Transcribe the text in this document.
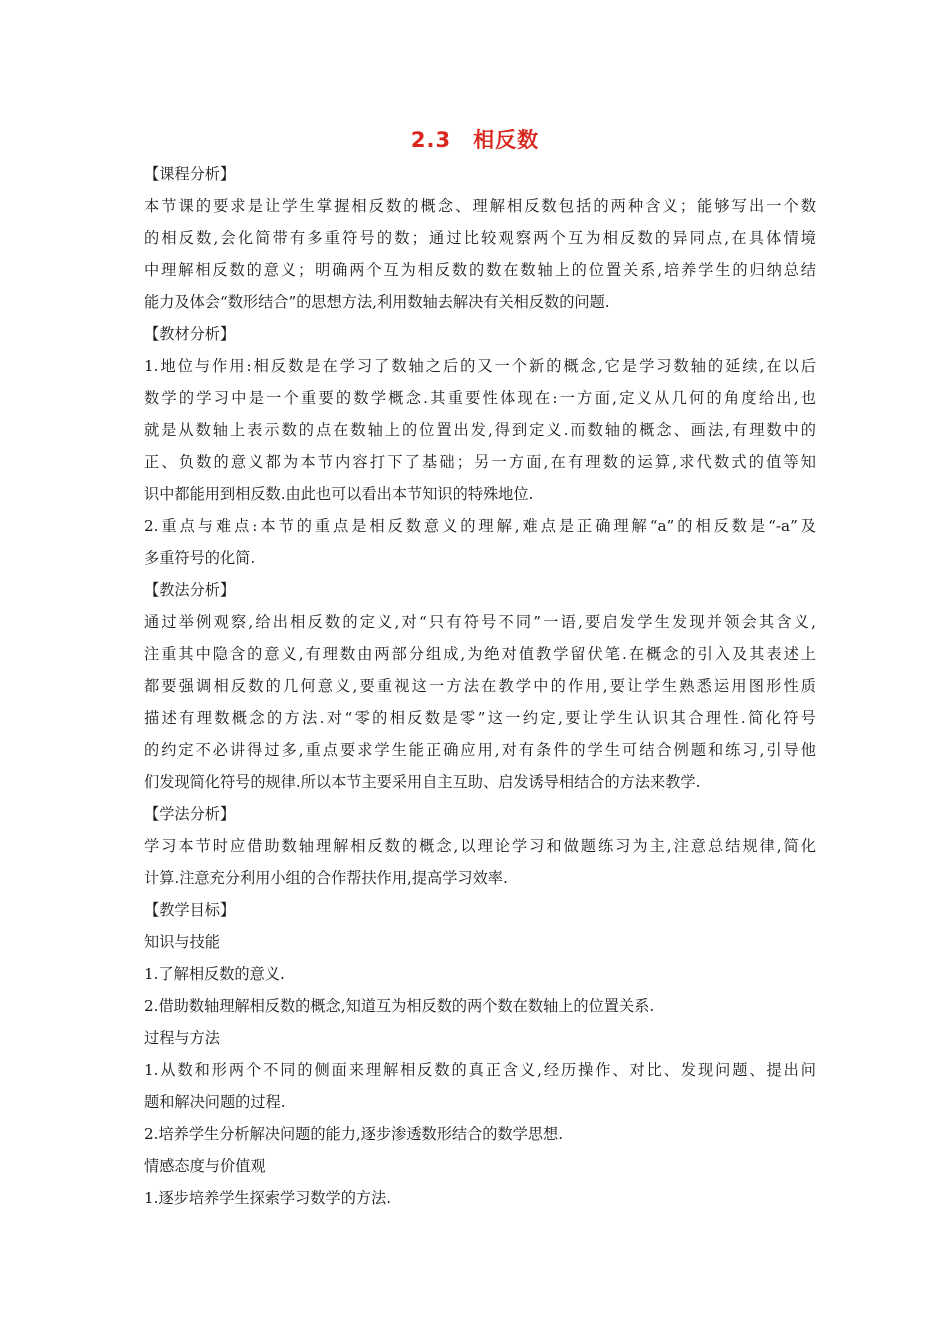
2.3　相反数
【课程分析】
本节课的要求是让学生掌握相反数的概念、理解相反数包括的两种含义；能够写出一个数
的相反数,会化简带有多重符号的数；通过比较观察两个互为相反数的异同点,在具体情境
中理解相反数的意义；明确两个互为相反数的数在数轴上的位置关系,培养学生的归纳总结
能力及体会“数形结合”的思想方法,利用数轴去解决有关相反数的问题.
【教材分析】
1.地位与作用:相反数是在学习了数轴之后的又一个新的概念,它是学习数轴的延续,在以后
数学的学习中是一个重要的数学概念.其重要性体现在:一方面,定义从几何的角度给出,也
就是从数轴上表示数的点在数轴上的位置出发,得到定义.而数轴的概念、画法,有理数中的
正、负数的意义都为本节内容打下了基础；另一方面,在有理数的运算,求代数式的值等知
识中都能用到相反数.由此也可以看出本节知识的特殊地位.
2.重点与难点:本节的重点是相反数意义的理解,难点是正确理解“a”的相反数是“-a”及
多重符号的化简.
【教法分析】
通过举例观察,给出相反数的定义,对“只有符号不同”一语,要启发学生发现并领会其含义,
注重其中隐含的意义,有理数由两部分组成,为绝对值教学留伏笔.在概念的引入及其表述上
都要强调相反数的几何意义,要重视这一方法在教学中的作用,要让学生熟悉运用图形性质
描述有理数概念的方法.对“零的相反数是零”这一约定,要让学生认识其合理性.简化符号
的约定不必讲得过多,重点要求学生能正确应用,对有条件的学生可结合例题和练习,引导他
们发现简化符号的规律.所以本节主要采用自主互助、启发诱导相结合的方法来教学.
【学法分析】
学习本节时应借助数轴理解相反数的概念,以理论学习和做题练习为主,注意总结规律,简化
计算.注意充分利用小组的合作帮扶作用,提高学习效率.
【教学目标】
知识与技能
1.了解相反数的意义.
2.借助数轴理解相反数的概念,知道互为相反数的两个数在数轴上的位置关系.
过程与方法
1.从数和形两个不同的侧面来理解相反数的真正含义,经历操作、对比、发现问题、提出问
题和解决问题的过程.
2.培养学生分析解决问题的能力,逐步渗透数形结合的数学思想.
情感态度与价值观
1.逐步培养学生探索学习数学的方法.
